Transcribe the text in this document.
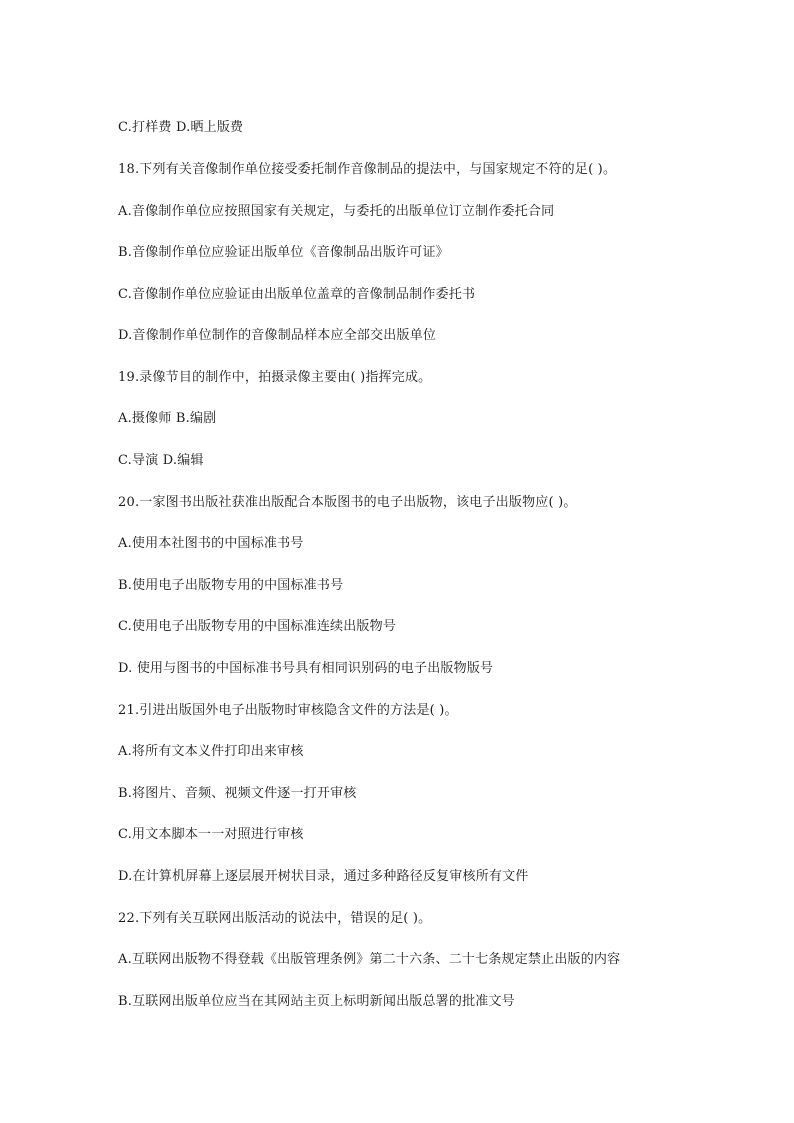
C.打样费 D.晒上版费
18.下列有关音像制作单位接受委托制作音像制品的提法中，与国家规定不符的足( )。
A.音像制作单位应按照国家有关规定，与委托的出版单位订立制作委托合同
B.音像制作单位应验证出版单位《音像制品出版许可证》
C.音像制作单位应验证由出版单位盖章的音像制品制作委托书
D.音像制作单位制作的音像制品样本应全部交出版单位
19.录像节目的制作中，拍摄录像主要由( )指挥完成。
A.摄像师 B.编剧
C.导演 D.编辑
20.一家图书出版社获准出版配合本版图书的电子出版物，该电子出版物应( )。
A.使用本社图书的中国标准书号
B.使用电子出版物专用的中国标准书号
C.使用电子出版物专用的中国标准连续出版物号
D. 使用与图书的中国标准书号具有相同识别码的电子出版物版号
21.引进出版国外电子出版物时审核隐含文件的方法是( )。
A.将所有文本义件打印出来审核
B.将图片、音频、视频文件逐一打开审核
C.用文本脚本一一对照进行审核
D.在计算机屏幕上逐层展开树状目录，通过多种路径反复审核所有文件
22.下列有关互联网出版活动的说法中，错误的足( )。
A.互联网出版物不得登载《出版管理条例》第二十六条、二十七条规定禁止出版的内容
B.互联网出版单位应当在其网站主页上标明新闻出版总署的批准文号
